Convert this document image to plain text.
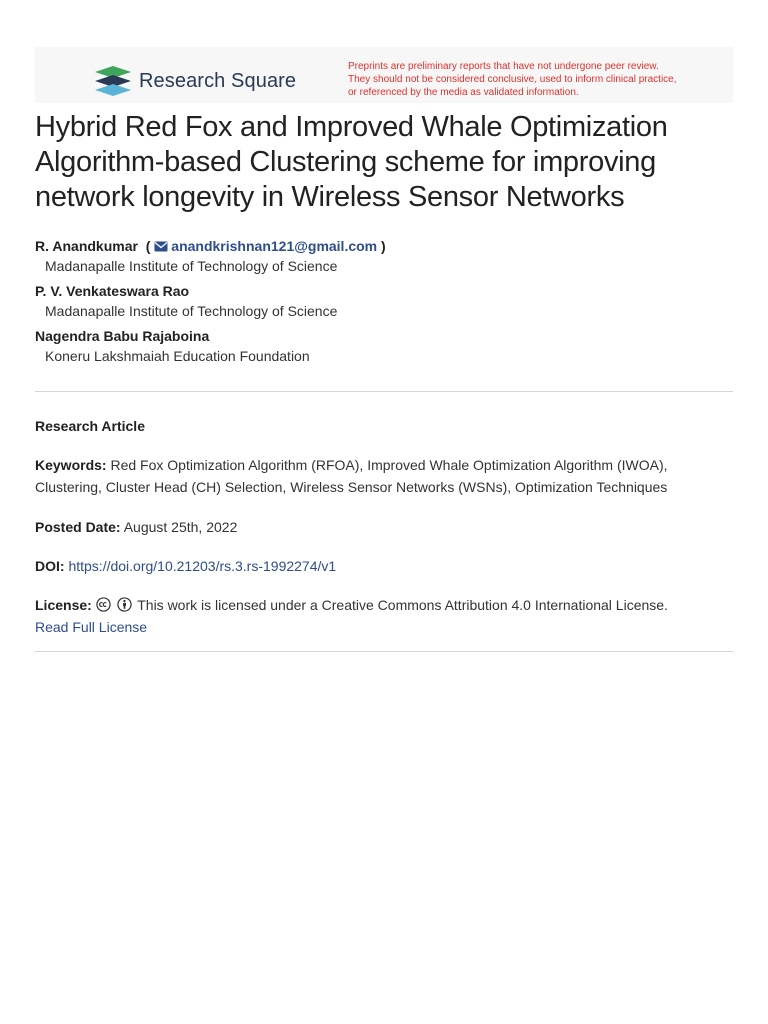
Research Square
Preprints are preliminary reports that have not undergone peer review.
They should not be considered conclusive, used to inform clinical practice,
or referenced by the media as validated information.
Hybrid Red Fox and Improved Whale Optimization
Algorithm-based Clustering scheme for improving
network longevity in Wireless Sensor Networks
R. Anandkumar ( anandkrishnan121@gmail.com )
Madanapalle Institute of Technology of Science
P. V. Venkateswara Rao
Madanapalle Institute of Technology of Science
Nagendra Babu Rajaboina
Koneru Lakshmaiah Education Foundation
Research Article
Keywords: Red Fox Optimization Algorithm (RFOA), Improved Whale Optimization Algorithm (IWOA),
Clustering, Cluster Head (CH) Selection, Wireless Sensor Networks (WSNs), Optimization Techniques
Posted Date: August 25th, 2022
DOI: https://doi.org/10.21203/rs.3.rs-1992274/v1
License:	This work is licensed under a Creative Commons Attribution 4.0 International License.
Read Full License
